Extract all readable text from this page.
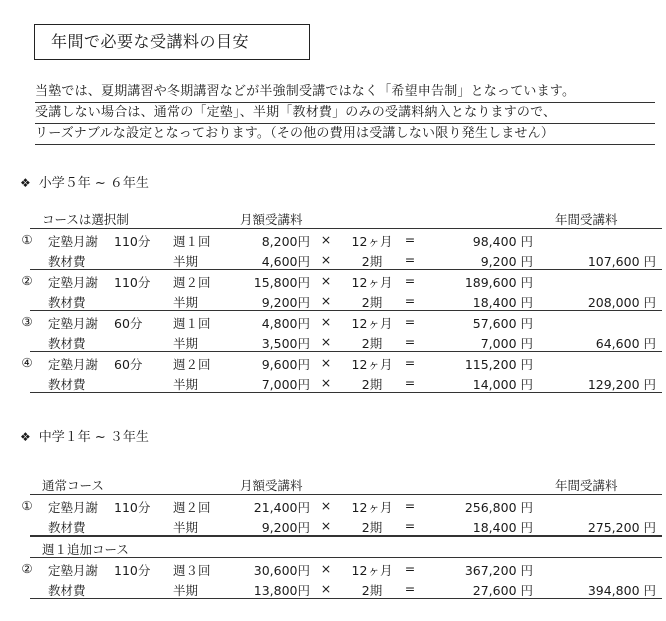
年間で必要な受講料の目安
当塾では、夏期講習や冬期講習などが半強制受講ではなく「希望申告制」となっています。
受講しない場合は、通常の「定塾」、半期「教材費」のみの受講料納入となりますので、
リーズナブルな設定となっております。（その他の費用は受講しない限り発生しません）
❖ 小学５年 ~ ６年生
コースは選択制	月額受講料	年間受講料
① 定塾月謝 110分 週１回	8,200円 × 12ヶ月 =	98,400 円
教材費	半期	4,600円 ×	2期	=	9,200 円	107,600 円
② 定塾月謝 110分 週２回	15,800円 × 12ヶ月 =	189,600 円
教材費	半期	9,200円 ×	2期	=	18,400 円	208,000 円
③ 定塾月謝 60分 週１回	4,800円 × 12ヶ月 =	57,600 円
教材費	半期	3,500円 ×	2期	=	7,000 円	64,600 円
④ 定塾月謝 60分 週２回	9,600円 × 12ヶ月 =	115,200 円
教材費	半期	7,000円 ×	2期	=	14,000 円	129,200 円
❖ 中学１年 ~ ３年生
通常コース	月額受講料	年間受講料
① 定塾月謝 110分 週２回	21,400円 × 12ヶ月 =	256,800 円
教材費	半期	9,200円 ×	2期	=	18,400 円	275,200 円
週１追加コース
② 定塾月謝 110分 週３回	30,600円 × 12ヶ月 =	367,200 円
教材費	半期	13,800円 ×	2期	=	27,600 円	394,800 円
